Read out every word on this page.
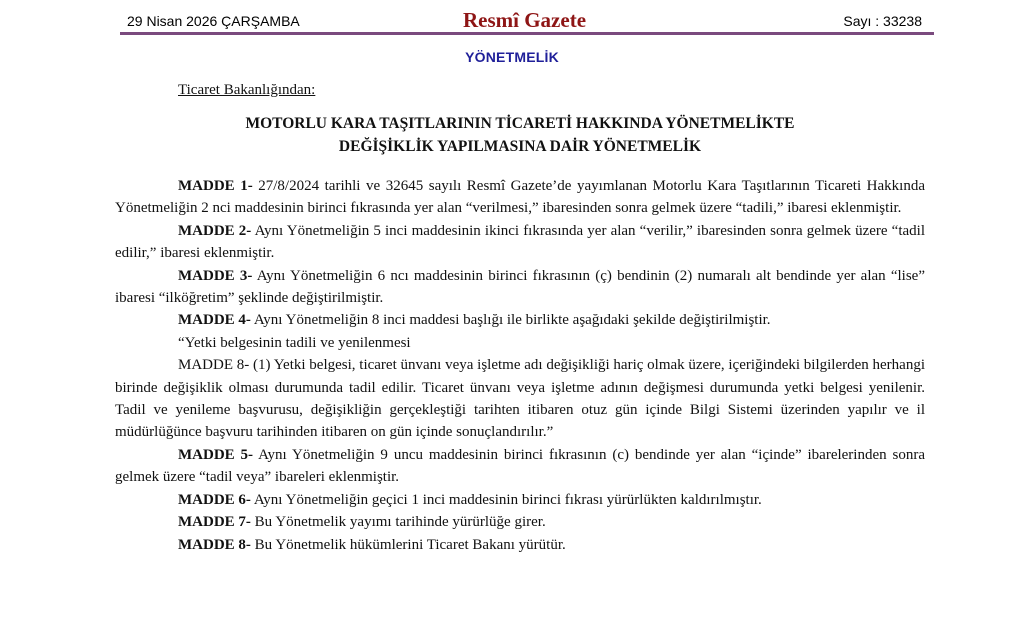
29 Nisan 2026 ÇARŞAMBA	Resmî Gazete	Sayı : 33238
YÖNETMELİK
Ticaret Bakanlığından:
MOTORLU KARA TAŞITLARININ TİCARETİ HAKKINDA YÖNETMELİKTE
DEĞİŞİKLİK YAPILMASINA DAİR YÖNETMELİK

MADDE 1- 27/8/2024 tarihli ve 32645 sayılı Resmî Gazete’de yayımlanan Motorlu Kara Taşıtlarının Ticareti Hakkında Yönetmeliğin 2 nci maddesinin birinci fıkrasında yer alan “verilmesi,” ibaresinden sonra gelmek üzere “tadili,” ibaresi eklenmiştir.

MADDE 2- Aynı Yönetmeliğin 5 inci maddesinin ikinci fıkrasında yer alan “verilir,” ibaresinden sonra gelmek üzere “tadil edilir,” ibaresi eklenmiştir.

MADDE 3- Aynı Yönetmeliğin 6 ncı maddesinin birinci fıkrasının (ç) bendinin (2) numaralı alt bendinde yer alan “lise” ibaresi “ilköğretim” şeklinde değiştirilmiştir.

MADDE 4- Aynı Yönetmeliğin 8 inci maddesi başlığı ile birlikte aşağıdaki şekilde değiştirilmiştir.

“Yetki belgesinin tadili ve yenilenmesi

MADDE 8- (1) Yetki belgesi, ticaret ünvanı veya işletme adı değişikliği hariç olmak üzere, içeriğindeki bilgilerden herhangi birinde değişiklik olması durumunda tadil edilir. Ticaret ünvanı veya işletme adının değişmesi durumunda yetki belgesi yenilenir. Tadil ve yenileme başvurusu, değişikliğin gerçekleştiği tarihten itibaren otuz gün içinde Bilgi Sistemi üzerinden yapılır ve il müdürlüğünce başvuru tarihinden itibaren on gün içinde sonuçlandırılır.”

MADDE 5- Aynı Yönetmeliğin 9 uncu maddesinin birinci fıkrasının (c) bendinde yer alan “içinde” ibarelerinden sonra gelmek üzere “tadil veya” ibareleri eklenmiştir.

MADDE 6- Aynı Yönetmeliğin geçici 1 inci maddesinin birinci fıkrası yürürlükten kaldırılmıştır.

MADDE 7- Bu Yönetmelik yayımı tarihinde yürürlüğe girer.

MADDE 8- Bu Yönetmelik hükümlerini Ticaret Bakanı yürütür.
